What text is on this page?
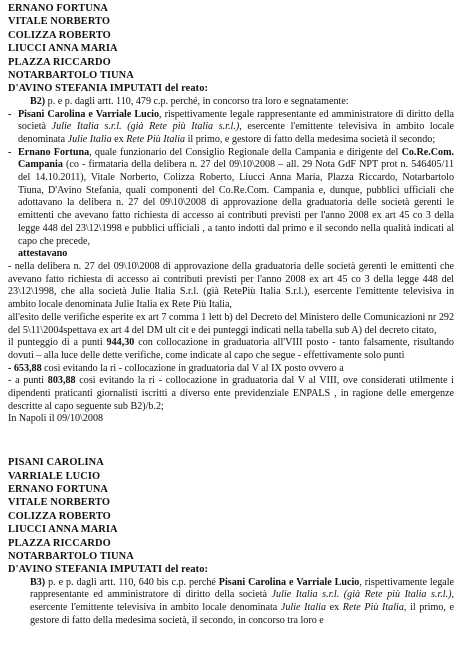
ERNANO FORTUNA

VITALE NORBERTO

COLIZZA ROBERTO

LIUCCI ANNA MARIA

PLAZZA RICCARDO

NOTARBARTOLO TIUNA

D'AVINO STEFANIA IMPUTATI del reato:

B2) p. e p. dagli artt. 110, 479 c.p. perché, in concorso tra loro e segnatamente:

- Pisani Carolina e Varriale Lucio, rispettivamente legale rappresentante ed amministratore di diritto della società Julie Italia s.r.l. (già Rete più Italia s.r.l.), esercente l'emittente televisiva in ambito locale denominata Julie Italia ex Rete Più Italia il primo, e gestore di fatto della medesima società il secondo;
- Ernano Fortuna, quale funzionario del Consiglio Regionale della Campania e dirigente del Co.Re.Com. Campania (co - firmataria della delibera n. 27 del 09\10\2008 – all. 29 Nota GdF NPT prot n. 546405/11 del 14.10.2011), Vitale Norberto, Colizza Roberto, Liucci Anna Maria, Plazza Riccardo, Notarbartolo Tiuna, D'Avino Stefania, quali componenti del Co.Re.Com. Campania e, dunque, pubblici ufficiali che adottavano la delibera n. 27 del 09\10\2008 di approvazione della graduatoria delle società gerenti le emittenti che avevano fatto richiesta di accesso ai contributi previsti per l'anno 2008 ex art 45 co 3 della legge 448 del 23\12\1998 e pubblici ufficiali , a tanto indotti dal primo e il secondo nella qualità indicati al capo che precede,
attestavano

- nella delibera n. 27 del 09\10\2008 di approvazione della graduatoria delle società gerenti le emittenti che avevano fatto richiesta di accesso ai contributi previsti per l'anno 2008 ex art 45 co 3 della legge 448 del 23\12\1998, che alla società Julie Italia S.r.l. (già RetePiù Italia S.r.l.), esercente l'emittente televisiva in ambito locale denominata Julie Italia ex Rete Più Italia,

all'esito delle verifiche esperite ex art 7 comma 1 lett b) del Decreto del Ministero delle Comunicazioni nr 292 del 5\11\2004spettava ex art 4 del DM ult cit e dei punteggi indicati nella tabella sub A) del decreto citato,

il punteggio di a punti 944,30 con collocazione in graduatoria all'VIII posto - tanto falsamente, risultando dovuti – alla luce delle dette verifiche, come indicate al capo che segue - effettivamente solo punti

- 653,88 così evitando la ri - collocazione in graduatoria dal V al IX posto ovvero a

- a punti 803,88 così evitando la ri - collocazione in graduatoria dal V al VIII, ove considerati utilmente i dipendenti praticanti giornalisti iscritti a diverso ente previdenziale ENPALS , in ragione delle emergenze descritte al capo seguente sub B2)/b.2;

In Napoli il 09/10\2008

PISANI CAROLINA

VARRIALE LUCIO

ERNANO FORTUNA

VITALE NORBERTO

COLIZZA ROBERTO

LIUCCI ANNA MARIA

PLAZZA RICCARDO

NOTARBARTOLO TIUNA

D'AVINO STEFANIA IMPUTATI del reato:

B3) p. e p. dagli artt. 110, 640 bis c.p. perché Pisani Carolina e Varriale Lucio, rispettivamente legale rappresentante ed amministratore di diritto della società Julie Italia s.r.l. (già Rete più Italia s.r.l.), esercente l'emittente televisiva in ambito locale denominata Julie Italia ex Rete Più Italia, il primo, e gestore di fatto della medesima società, il secondo, in concorso tra loro e
